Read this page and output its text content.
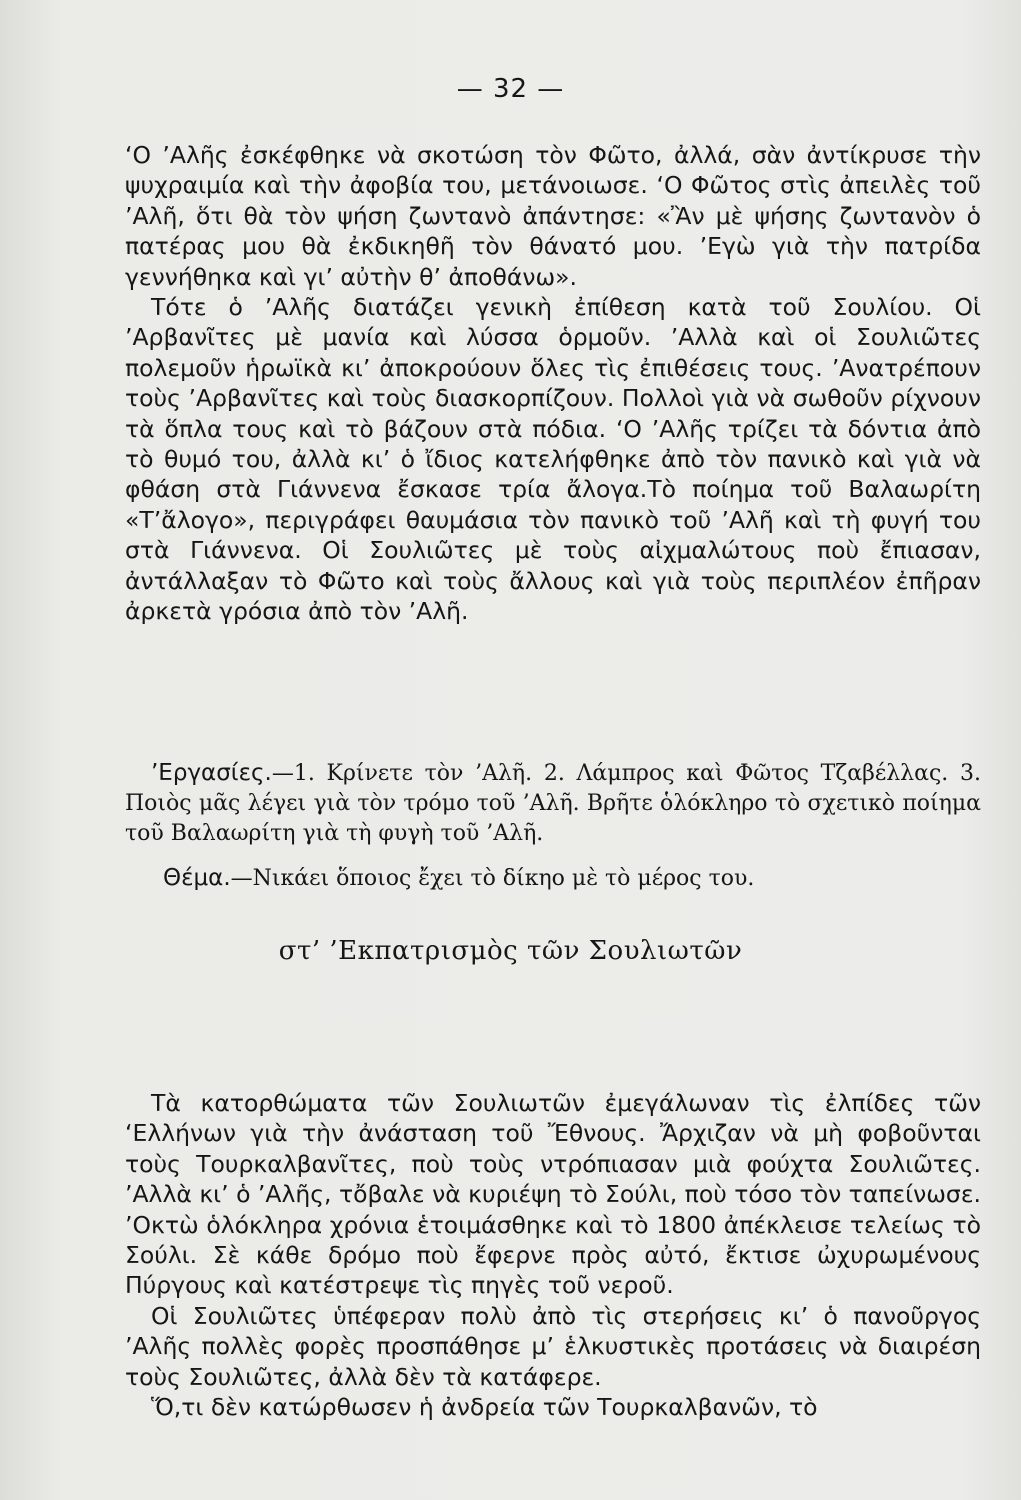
— 32 —

‘Ο ’Αλῆς ἐσκέφθηκε νὰ σκοτώση τὸν Φῶτο, ἀλλά, σὰν ἀντίκρυσε τὴν ψυχραιμία καὶ τὴν ἀφοβία του, μετάνοιωσε. ‘Ο Φῶτος στὶς ἀπειλὲς τοῦ ’Αλῆ, ὅτι θὰ τὸν ψήση ζωντανὸ ἀπάντησε: «Ἂν μὲ ψήσης ζωντανὸν ὁ πατέρας μου θὰ ἐκδικηθῆ τὸν θάνατό μου. ’Εγὼ γιὰ τὴν πατρίδα γεννήθηκα καὶ γι’ αὐτὴν θ’ ἀποθάνω».

Τότε ὁ ’Αλῆς διατάζει γενικὴ ἐπίθεση κατὰ τοῦ Σουλίου. Οἱ ’Αρβανῖτες μὲ μανία καὶ λύσσα ὁρμοῦν. ’Αλλὰ καὶ οἱ Σουλιῶτες πολεμοῦν ἡρωϊκὰ κι’ ἀποκρούουν ὅλες τὶς ἐπιθέσεις τους. ’Ανατρέπουν τοὺς ’Αρβανῖτες καὶ τοὺς διασκορπίζουν. Πολλοὶ γιὰ νὰ σωθοῦν ρίχνουν τὰ ὅπλα τους καὶ τὸ βάζουν στὰ πόδια. ‘Ο ’Αλῆς τρίζει τὰ δόντια ἀπὸ τὸ θυμό του, ἀλλὰ κι’ ὁ ἴδιος κατελήφθηκε ἀπὸ τὸν πανικὸ καὶ γιὰ νὰ φθάση στὰ Γιάννενα ἔσκασε τρία ἄλογα.Τὸ ποίημα τοῦ Βαλαωρίτη «Τ’ἄλογο», περιγράφει θαυμάσια τὸν πανικὸ τοῦ ’Αλῆ καὶ τὴ φυγή του στὰ Γιάννενα. Οἱ Σουλιῶτες μὲ τοὺς αἰχμαλώτους ποὺ ἔπιασαν, ἀντάλλαξαν τὸ Φῶτο καὶ τοὺς ἄλλους καὶ γιὰ τοὺς περιπλέον ἐπῆραν ἀρκετὰ γρόσια ἀπὸ τὸν ’Αλῆ.

’Εργασίες.—1. Κρίνετε τὸν ’Αλῆ. 2. Λάμπρος καὶ Φῶτος Τζαβέλλας. 3. Ποιὸς μᾶς λέγει γιὰ τὸν τρόμο τοῦ ’Αλῆ. Βρῆτε ὁλόκληρο τὸ σχετικὸ ποίημα τοῦ Βαλαωρίτη γιὰ τὴ φυγὴ τοῦ ’Αλῆ.

Θέμα.—Νικάει ὅποιος ἔχει τὸ δίκηο μὲ τὸ μέρος του.

στ’ ’Εκπατρισμὸς τῶν Σουλιωτῶν

Τὰ κατορθώματα τῶν Σουλιωτῶν ἐμεγάλωναν τὶς ἐλπίδες τῶν ‘Ελλήνων γιὰ τὴν ἀνάσταση τοῦ Ἔθνους. Ἄρχιζαν νὰ μὴ φοβοῦνται τοὺς Τουρκαλβανῖτες, ποὺ τοὺς ντρόπιασαν μιὰ φούχτα Σουλιῶτες. ’Αλλὰ κι’ ὁ ’Αλῆς, τὄβαλε νὰ κυριέψη τὸ Σούλι, ποὺ τόσο τὸν ταπείνωσε. ’Οκτὼ ὁλόκληρα χρόνια ἑτοιμάσθηκε καὶ τὸ 1800 ἀπέκλεισε τελείως τὸ Σούλι. Σὲ κάθε δρόμο ποὺ ἔφερνε πρὸς αὐτό, ἔκτισε ὠχυρωμένους Πύργους καὶ κατέστρεψε τὶς πηγὲς τοῦ νεροῦ.

Οἱ Σουλιῶτες ὑπέφεραν πολὺ ἀπὸ τὶς στερήσεις κι’ ὁ πανοῦργος ’Αλῆς πολλὲς φορὲς προσπάθησε μ’ ἑλκυστικὲς προτάσεις νὰ διαιρέση τοὺς Σουλιῶτες, ἀλλὰ δὲν τὰ κατάφερε.

Ὅ,τι δὲν κατώρθωσεν ἡ ἀνδρεία τῶν Τουρκαλβανῶν, τὸ
